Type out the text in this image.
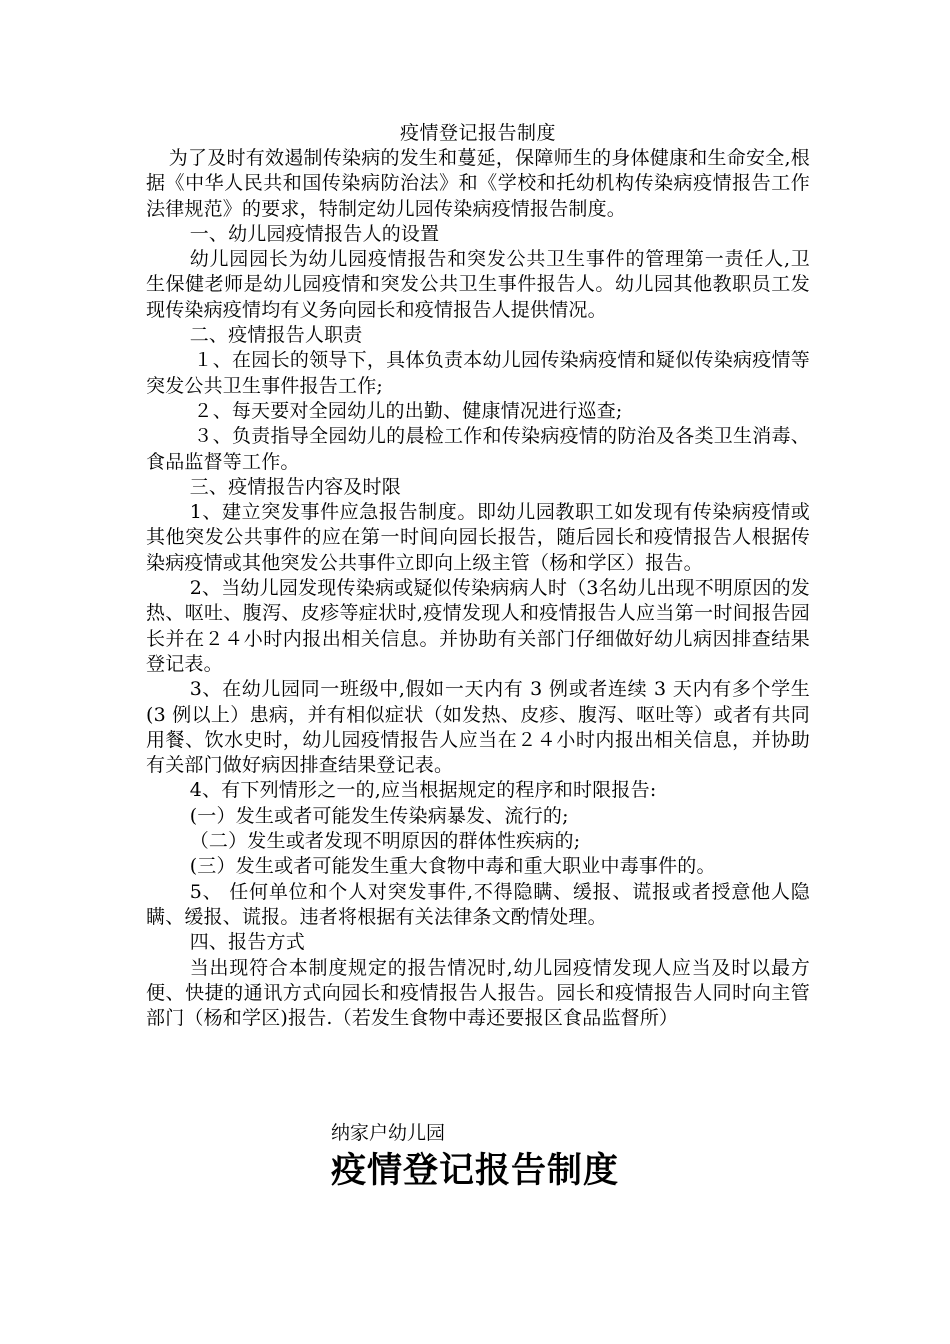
疫情登记报告制度

为了及时有效遏制传染病的发生和蔓延，保障师生的身体健康和生命安全,根据《中华人民共和国传染病防治法》和《学校和托幼机构传染病疫情报告工作法律规范》的要求，特制定幼儿园传染病疫情报告制度。

一、幼儿园疫情报告人的设置

幼儿园园长为幼儿园疫情报告和突发公共卫生事件的管理第一责任人,卫生保健老师是幼儿园疫情和突发公共卫生事件报告人。幼儿园其他教职员工发现传染病疫情均有义务向园长和疫情报告人提供情况。

二、疫情报告人职责

１、在园长的领导下，具体负责本幼儿园传染病疫情和疑似传染病疫情等突发公共卫生事件报告工作;

２、每天要对全园幼儿的出勤、健康情况进行巡查;

３、负责指导全园幼儿的晨检工作和传染病疫情的防治及各类卫生消毒、食品监督等工作。

三、疫情报告内容及时限

1、建立突发事件应急报告制度。即幼儿园教职工如发现有传染病疫情或其他突发公共事件的应在第一时间向园长报告，随后园长和疫情报告人根据传染病疫情或其他突发公共事件立即向上级主管（杨和学区）报告。

2、当幼儿园发现传染病或疑似传染病病人时（3名幼儿出现不明原因的发热、呕吐、腹泻、皮疹等症状时,疫情发现人和疫情报告人应当第一时间报告园长并在２４小时内报出相关信息。并协助有关部门仔细做好幼儿病因排查结果登记表。

3、在幼儿园同一班级中,假如一天内有 3 例或者连续 3 天内有多个学生(3 例以上）患病，并有相似症状（如发热、皮疹、腹泻、呕吐等）或者有共同用餐、饮水史时，幼儿园疫情报告人应当在２４小时内报出相关信息，并协助有关部门做好病因排查结果登记表。

4、有下列情形之一的,应当根据规定的程序和时限报告:

(一）发生或者可能发生传染病暴发、流行的;

（二）发生或者发现不明原因的群体性疾病的;

(三）发生或者可能发生重大食物中毒和重大职业中毒事件的。

5、 任何单位和个人对突发事件,不得隐瞒、缓报、谎报或者授意他人隐瞒、缓报、谎报。违者将根据有关法律条文酌情处理。

四、报告方式

当出现符合本制度规定的报告情况时,幼儿园疫情发现人应当及时以最方便、快捷的通讯方式向园长和疫情报告人报告。园长和疫情报告人同时向主管部门（杨和学区)报告.（若发生食物中毒还要报区食品监督所）

纳家户幼儿园

疫情登记报告制度
